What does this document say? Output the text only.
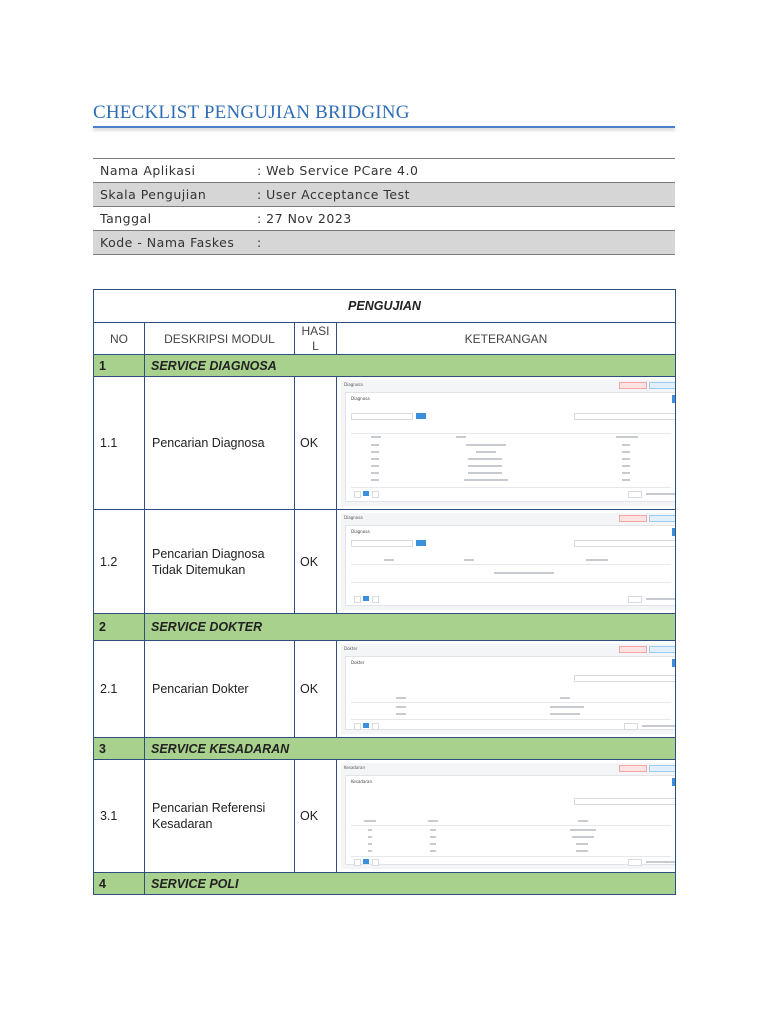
CHECKLIST PENGUJIAN BRIDGING
Nama Aplikasi	: Web Service PCare 4.0
Skala Pengujian	: User Acceptance Test
Tanggal	: 27 Nov 2023
Kode - Nama Faskes	:
PENGUJIAN			
NO	DESKRIPSI MODUL	HASIL	KETERANGAN
1	SERVICE DIAGNOSA		
1.1	Pencarian Diagnosa	OK	Diagnosa
Diagnosa

1.2	Pencarian Diagnosa Tidak Ditemukan	OK	Diagnosa
Diagnosa

2	SERVICE DOKTER		
2.1	Pencarian Dokter	OK	Dokter
Dokter

3	SERVICE KESADARAN		
3.1	Pencarian Referensi Kesadaran	OK	Kesadaran
Kesadaran

4	SERVICE POLI		
